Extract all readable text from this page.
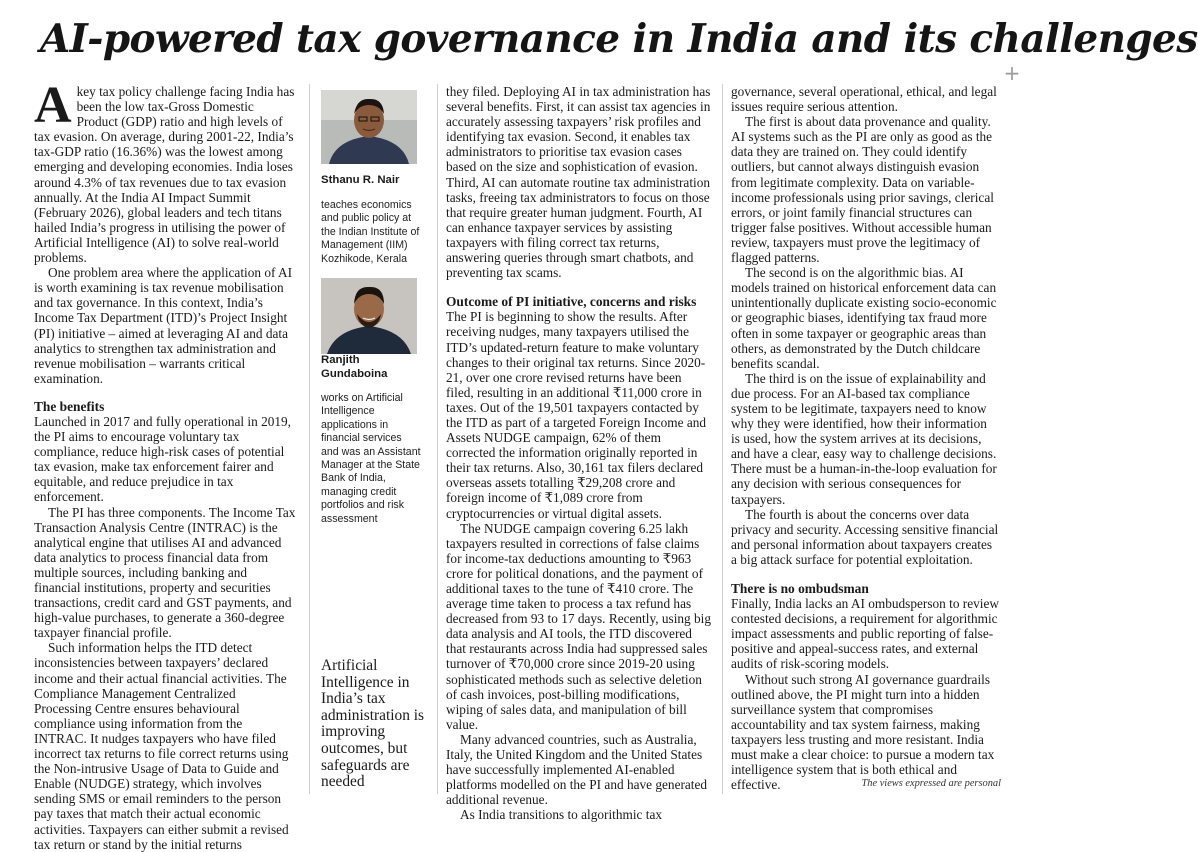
AI-powered tax governance in India and its challenges
+

Akey tax policy challenge facing India has been the low tax-Gross Domestic Product (GDP) ratio and high levels of tax evasion. On average, during 2001-22, India’s tax-GDP ratio (16.36%) was the lowest among emerging and developing economies. India loses around 4.3% of tax revenues due to tax evasion annually. At the India AI Impact Summit (February 2026), global leaders and tech titans hailed India’s progress in utilising the power of Artificial Intelligence (AI) to solve real-world problems.

One problem area where the application of AI is worth examining is tax revenue mobilisation and tax governance. In this context, India’s Income Tax Department (ITD)’s Project Insight (PI) initiative – aimed at leveraging AI and data analytics to strengthen tax administration and revenue mobilisation – warrants critical examination.

The benefits

Launched in 2017 and fully operational in 2019, the PI aims to encourage voluntary tax compliance, reduce high-risk cases of potential tax evasion, make tax enforcement fairer and equitable, and reduce prejudice in tax enforcement.

The PI has three components. The Income Tax Transaction Analysis Centre (INTRAC) is the analytical engine that utilises AI and advanced data analytics to process financial data from multiple sources, including banking and financial institutions, property and securities transactions, credit card and GST payments, and high-value purchases, to generate a 360-degree taxpayer financial profile.

Such information helps the ITD detect inconsistencies between taxpayers’ declared income and their actual financial activities. The Compliance Management Centralized Processing Centre ensures behavioural compliance using information from the INTRAC. It nudges taxpayers who have filed incorrect tax returns to file correct returns using the Non-intrusive Usage of Data to Guide and Enable (NUDGE) strategy, which involves sending SMS or email reminders to the person pay taxes that match their actual economic activities. Taxpayers can either submit a revised tax return or stand by the initial returns

Sthanu R. Nair
teaches economics and public policy at the Indian Institute of Management (IIM) Kozhikode, Kerala
Ranjith Gundaboina
works on Artificial Intelligence applications in financial services and was an Assistant Manager at the State Bank of India, managing credit portfolios and risk assessment
Artificial Intelligence in India’s tax administration is improving outcomes, but safeguards are needed

they filed. Deploying AI in tax administration has several benefits. First, it can assist tax agencies in accurately assessing taxpayers’ risk profiles and identifying tax evasion. Second, it enables tax administrators to prioritise tax evasion cases based on the size and sophistication of evasion. Third, AI can automate routine tax administration tasks, freeing tax administrators to focus on those that require greater human judgment. Fourth, AI can enhance taxpayer services by assisting taxpayers with filing correct tax returns, answering queries through smart chatbots, and preventing tax scams.

Outcome of PI initiative, concerns and risks

The PI is beginning to show the results. After receiving nudges, many taxpayers utilised the ITD’s updated-return feature to make voluntary changes to their original tax returns. Since 2020-21, over one crore revised returns have been filed, resulting in an additional ₹11,000 crore in taxes. Out of the 19,501 taxpayers contacted by the ITD as part of a targeted Foreign Income and Assets NUDGE campaign, 62% of them corrected the information originally reported in their tax returns. Also, 30,161 tax filers declared overseas assets totalling ₹29,208 crore and foreign income of ₹1,089 crore from cryptocurrencies or virtual digital assets.

The NUDGE campaign covering 6.25 lakh taxpayers resulted in corrections of false claims for income-tax deductions amounting to ₹963 crore for political donations, and the payment of additional taxes to the tune of ₹410 crore. The average time taken to process a tax refund has decreased from 93 to 17 days. Recently, using big data analysis and AI tools, the ITD discovered that restaurants across India had suppressed sales turnover of ₹70,000 crore since 2019-20 using sophisticated methods such as selective deletion of cash invoices, post-billing modifications, wiping of sales data, and manipulation of bill value.

Many advanced countries, such as Australia, Italy, the United Kingdom and the United States have successfully implemented AI-enabled platforms modelled on the PI and have generated additional revenue.

As India transitions to algorithmic tax

governance, several operational, ethical, and legal issues require serious attention.

The first is about data provenance and quality. AI systems such as the PI are only as good as the data they are trained on. They could identify outliers, but cannot always distinguish evasion from legitimate complexity. Data on variable-income professionals using prior savings, clerical errors, or joint family financial structures can trigger false positives. Without accessible human review, taxpayers must prove the legitimacy of flagged patterns.

The second is on the algorithmic bias. AI models trained on historical enforcement data can unintentionally duplicate existing socio-economic or geographic biases, identifying tax fraud more often in some taxpayer or geographic areas than others, as demonstrated by the Dutch childcare benefits scandal.

The third is on the issue of explainability and due process. For an AI-based tax compliance system to be legitimate, taxpayers need to know why they were identified, how their information is used, how the system arrives at its decisions, and have a clear, easy way to challenge decisions. There must be a human-in-the-loop evaluation for any decision with serious consequences for taxpayers.

The fourth is about the concerns over data privacy and security. Accessing sensitive financial and personal information about taxpayers creates a big attack surface for potential exploitation.

There is no ombudsman

Finally, India lacks an AI ombudsperson to review contested decisions, a requirement for algorithmic impact assessments and public reporting of false-positive and appeal-success rates, and external audits of risk-scoring models.

Without such strong AI governance guardrails outlined above, the PI might turn into a hidden surveillance system that compromises accountability and tax system fairness, making taxpayers less trusting and more resistant. India must make a clear choice: to pursue a modern tax intelligence system that is both ethical and effective.	The views expressed are personal
